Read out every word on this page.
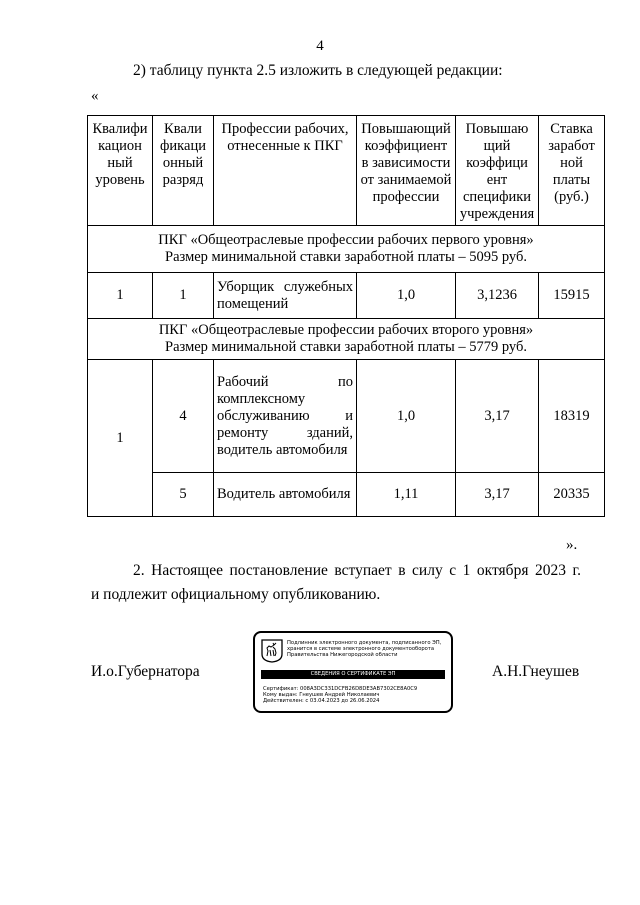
4
2) таблицу пункта 2.5 изложить в следующей редакции:
«
Квалифи кацион ный уровень	Квали фикаци онный разряд	Профессии рабочих, отнесенные к ПКГ	Повышающий коэффициент в зависимости от занимаемой профессии	Повышаю щий коэффици ент специфики учреждения	Ставка заработ ной платы (руб.)

ПКГ «Общеотраслевые профессии рабочих первого уровня»
Размер минимальной ставки заработной платы – 5095 руб.					

1	1	Уборщик служебных помещений	1,0	3,1236	15915

ПКГ «Общеотраслевые профессии рабочих второго уровня»
Размер минимальной ставки заработной платы – 5779 руб.					

1	4	Рабочий по комплексному обслуживанию и ремонту зданий, водитель автомобиля	1,0	3,17	18319
	5	Водитель автомобиля	1,11	3,17	20335
».
2. Настоящее постановление вступает в силу с 1 октября 2023 г.
и подлежит официальному опубликованию.
И.о.Губернатора
Подлинник электронного документа, подписанного ЭП,
хранится в системе электронного документооборота
Правительства Нижегородской области
СВЕДЕНИЯ О СЕРТИФИКАТЕ ЭП
Сертификат: 008A3DC331DCFB26D8DE3AB7302CE8A0C9
Кому выдан: Гнеушев Андрей Николаевич
Действителен: с 03.04.2023 до 26.06.2024
А.Н.Гнеушев
